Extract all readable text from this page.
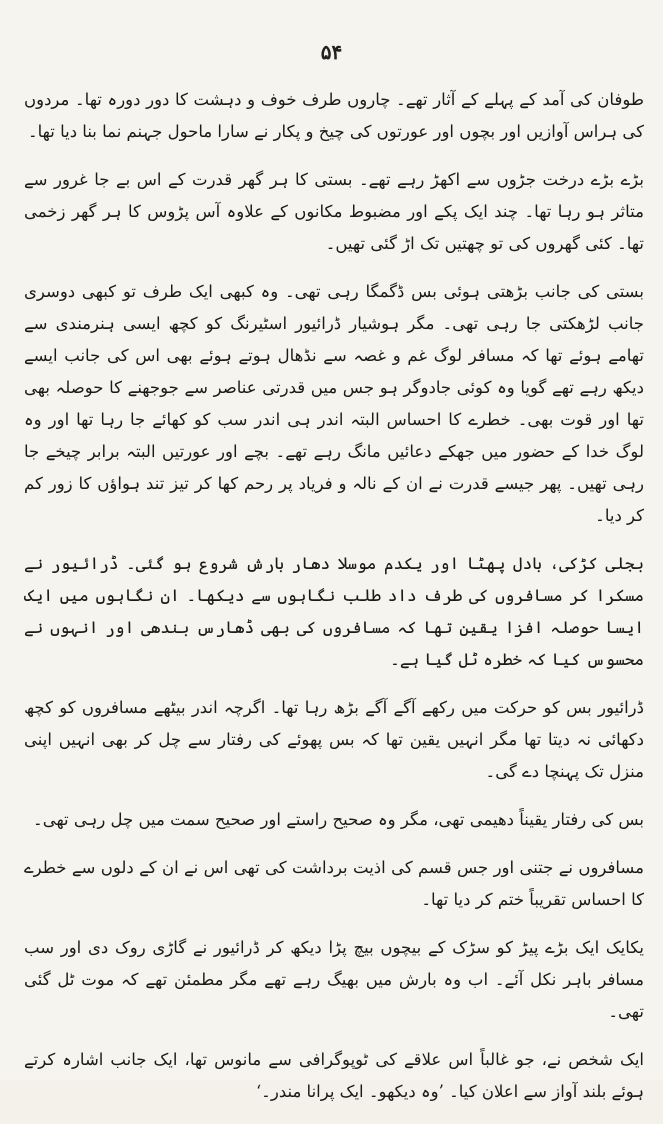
۵۴

طوفان کی آمد کے پہلے کے آثار تھے۔ چاروں طرف خوف و دہشت کا دور دورہ تھا۔ مردوں کی ہراس آوازیں اور بچوں اور عورتوں کی چیخ و پکار نے سارا ماحول جہنم نما بنا دیا تھا۔

بڑے بڑے درخت جڑوں سے اکھڑ رہے تھے۔ بستی کا ہر گھر قدرت کے اس بے جا غرور سے متاثر ہو رہا تھا۔ چند ایک پکے اور مضبوط مکانوں کے علاوہ آس پڑوس کا ہر گھر زخمی تھا۔ کئی گھروں کی تو چھتیں تک اڑ گئی تھیں۔

بستی کی جانب بڑھتی ہوئی بس ڈگمگا رہی تھی۔ وہ کبھی ایک طرف تو کبھی دوسری جانب لڑھکتی جا رہی تھی۔ مگر ہوشیار ڈرائیور اسٹیرنگ کو کچھ ایسی ہنرمندی سے تھامے ہوئے تھا کہ مسافر لوگ غم و غصہ سے نڈھال ہوتے ہوئے بھی اس کی جانب ایسے دیکھ رہے تھے گویا وہ کوئی جادوگر ہو جس میں قدرتی عناصر سے جوجھنے کا حوصلہ بھی تھا اور قوت بھی۔ خطرے کا احساس البتہ اندر ہی اندر سب کو کھائے جا رہا تھا اور وہ لوگ خدا کے حضور میں جھکے دعائیں مانگ رہے تھے۔ بچے اور عورتیں البتہ برابر چیخے جا رہی تھیں۔ پھر جیسے قدرت نے ان کے نالہ و فریاد پر رحم کھا کر تیز تند ہواؤں کا زور کم کر دیا۔

بجلی کڑکی، بادل پھٹا اور یکدم موسلا دھار بارش شروع ہو گئی۔ ڈرائیور نے مسکرا کر مسافروں کی طرف داد طلب نگاہوں سے دیکھا۔ ان نگاہوں میں ایک ایسا حوصلہ افزا یقین تھا کہ مسافروں کی بھی ڈھارس بندھی اور انہوں نے محسوس کیا کہ خطرہ ٹل گیا ہے۔

ڈرائیور بس کو حرکت میں رکھے آگے آگے بڑھ رہا تھا۔ اگرچہ اندر بیٹھے مسافروں کو کچھ دکھائی نہ دیتا تھا مگر انہیں یقین تھا کہ بس پھوئے کی رفتار سے چل کر بھی انہیں اپنی منزل تک پہنچا دے گی۔

بس کی رفتار یقیناً دھیمی تھی، مگر وہ صحیح راستے اور صحیح سمت میں چل رہی تھی۔

مسافروں نے جتنی اور جس قسم کی اذیت برداشت کی تھی اس نے ان کے دلوں سے خطرے کا احساس تقریباً ختم کر دیا تھا۔

یکایک ایک بڑے پیڑ کو سڑک کے بیچوں بیچ پڑا دیکھ کر ڈرائیور نے گاڑی روک دی اور سب مسافر باہر نکل آئے۔ اب وہ بارش میں بھیگ رہے تھے مگر مطمئن تھے کہ موت ٹل گئی تھی۔

ایک شخص نے، جو غالباً اس علاقے کی ٹوپوگرافی سے مانوس تھا، ایک جانب اشارہ کرتے ہوئے بلند آواز سے اعلان کیا۔ ’وہ دیکھو۔ ایک پرانا مندر۔‘
